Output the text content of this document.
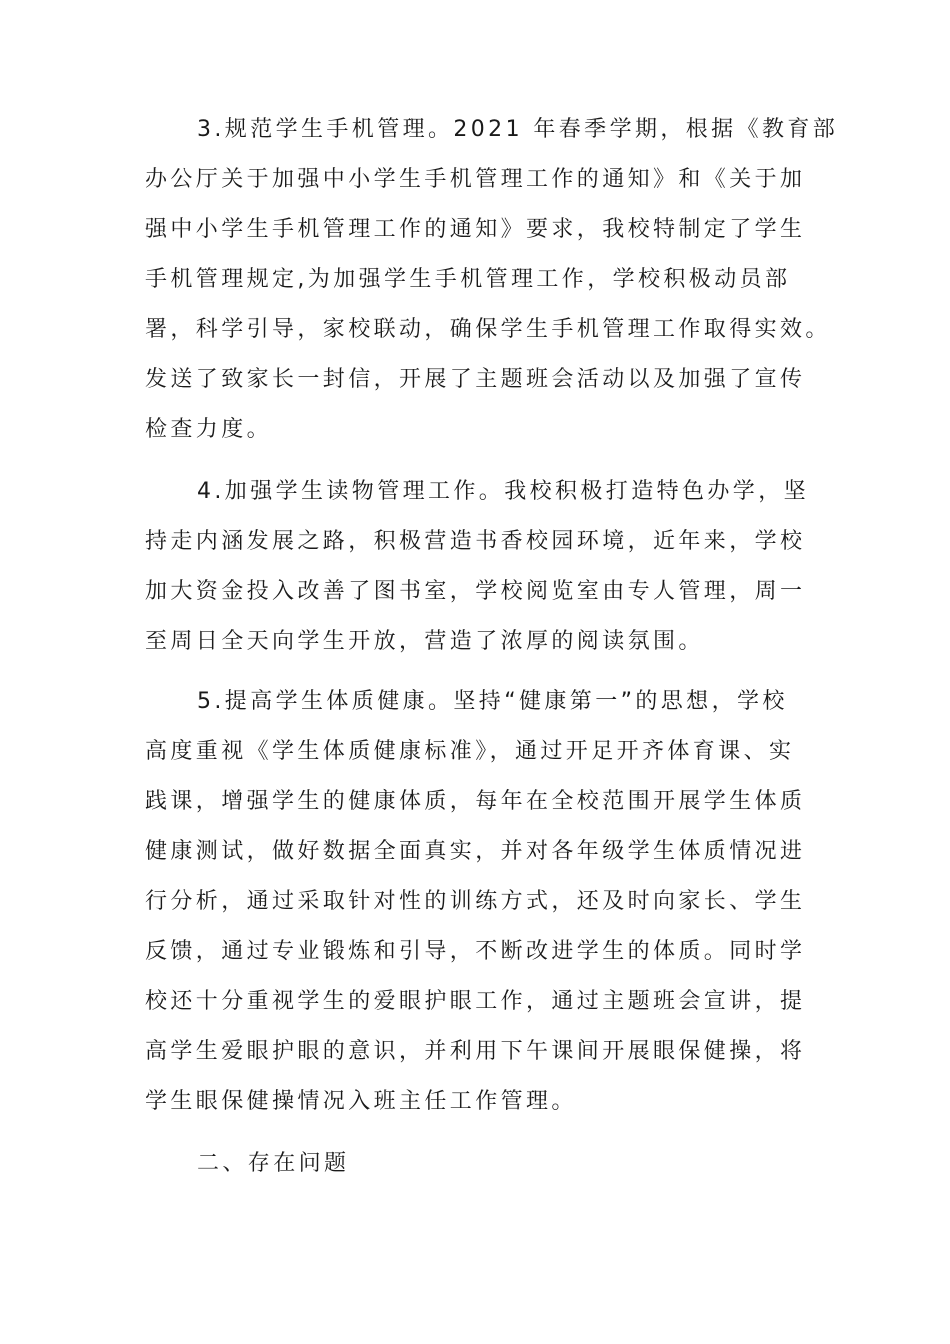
3.规范学生手机管理。2021 年春季学期，根据《教育部
办公厅关于加强中小学生手机管理工作的通知》和《关于加
强中小学生手机管理工作的通知》要求，我校特制定了学生
手机管理规定,为加强学生手机管理工作，学校积极动员部
署，科学引导，家校联动，确保学生手机管理工作取得实效。
发送了致家长一封信，开展了主题班会活动以及加强了宣传
检查力度。
4.加强学生读物管理工作。我校积极打造特色办学，坚
持走内涵发展之路，积极营造书香校园环境，近年来，学校
加大资金投入改善了图书室，学校阅览室由专人管理，周一
至周日全天向学生开放，营造了浓厚的阅读氛围。
5.提高学生体质健康。坚持“健康第一”的思想，学校
高度重视《学生体质健康标准》，通过开足开齐体育课、实
践课，增强学生的健康体质，每年在全校范围开展学生体质
健康测试，做好数据全面真实，并对各年级学生体质情况进
行分析，通过采取针对性的训练方式，还及时向家长、学生
反馈，通过专业锻炼和引导，不断改进学生的体质。同时学
校还十分重视学生的爱眼护眼工作，通过主题班会宣讲，提
高学生爱眼护眼的意识，并利用下午课间开展眼保健操，将
学生眼保健操情况入班主任工作管理。
二、存在问题
